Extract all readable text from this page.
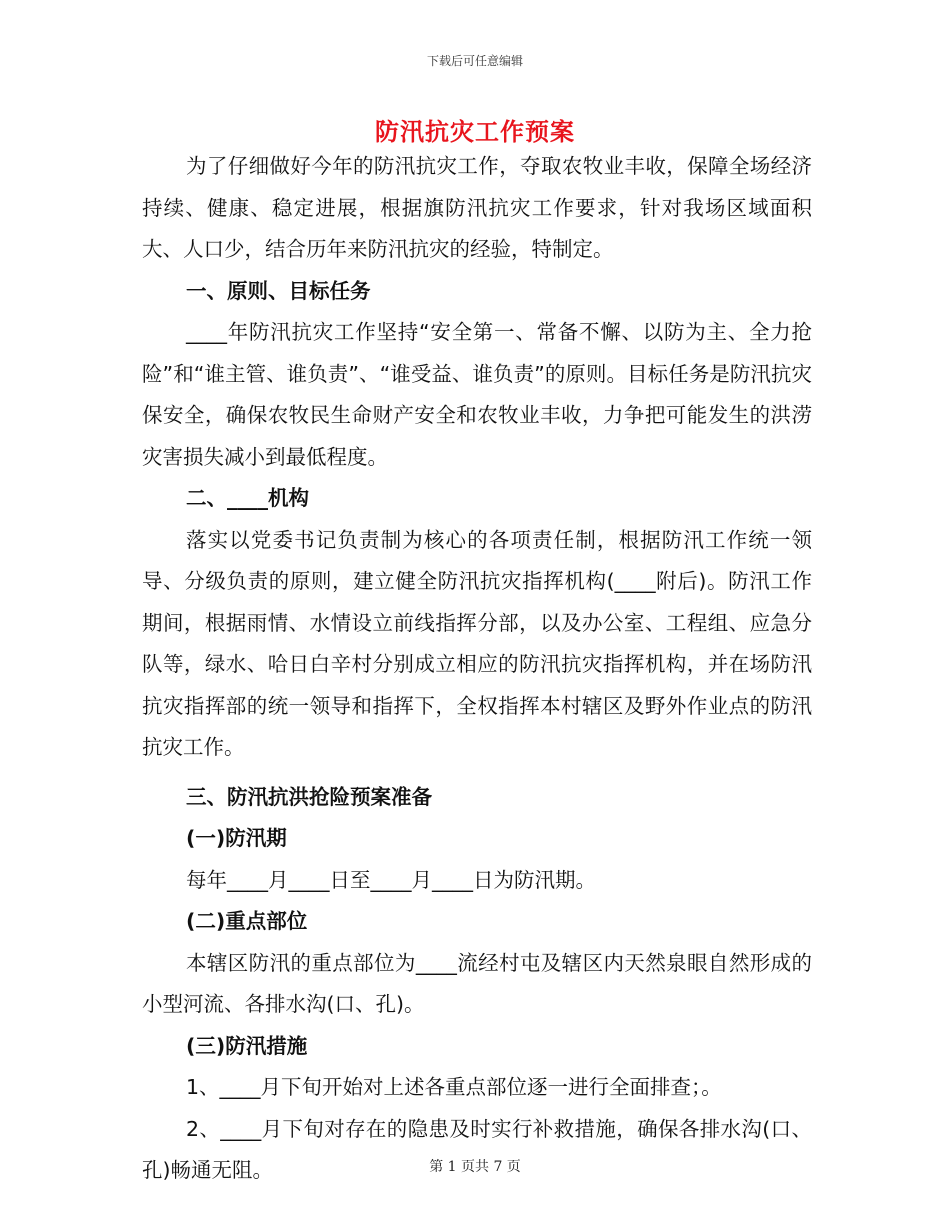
下载后可任意编辑
防汛抗灾工作预案

为了仔细做好今年的防汛抗灾工作，夺取农牧业丰收，保障全场经济持续、健康、稳定进展，根据旗防汛抗灾工作要求，针对我场区域面积大、人口少，结合历年来防汛抗灾的经验，特制定。

一、原则、目标任务

____年防汛抗灾工作坚持“安全第一、常备不懈、以防为主、全力抢险”和“谁主管、谁负责”、“谁受益、谁负责”的原则。目标任务是防汛抗灾保安全，确保农牧民生命财产安全和农牧业丰收，力争把可能发生的洪涝灾害损失减小到最低程度。

二、____机构

落实以党委书记负责制为核心的各项责任制，根据防汛工作统一领导、分级负责的原则，建立健全防汛抗灾指挥机构(____附后)。防汛工作期间，根据雨情、水情设立前线指挥分部，以及办公室、工程组、应急分队等，绿水、哈日白辛村分别成立相应的防汛抗灾指挥机构，并在场防汛抗灾指挥部的统一领导和指挥下，全权指挥本村辖区及野外作业点的防汛抗灾工作。

三、防汛抗洪抢险预案准备

(一)防汛期

每年____月____日至____月____日为防汛期。

(二)重点部位

本辖区防汛的重点部位为____流经村屯及辖区内天然泉眼自然形成的小型河流、各排水沟(口、孔)。

(三)防汛措施

1、____月下旬开始对上述各重点部位逐一进行全面排查；。

2、____月下旬对存在的隐患及时实行补救措施，确保各排水沟(口、孔)畅通无阻。	第 1 页共 7 页
